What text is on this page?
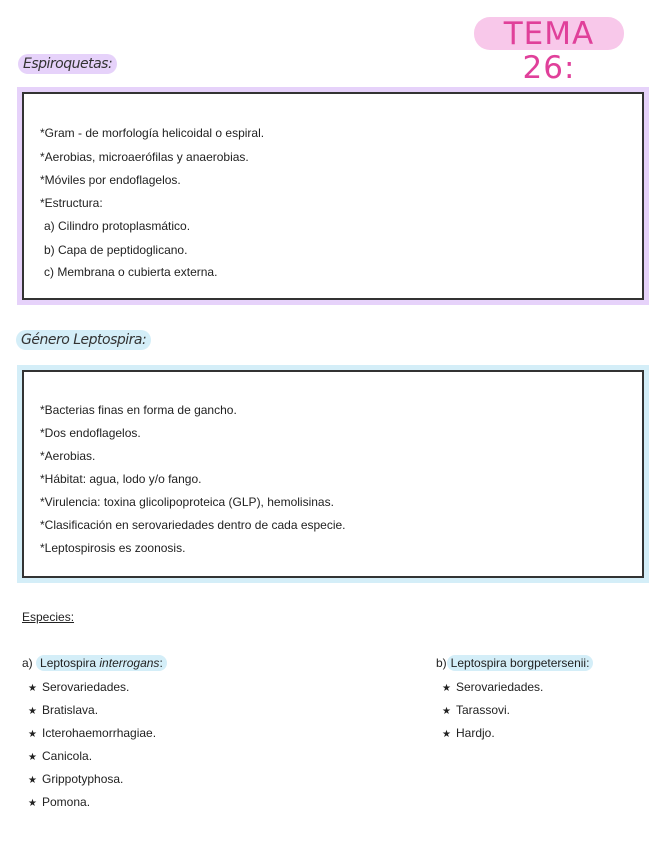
TEMA 26:
Espiroquetas:
*Gram - de morfología helicoidal o espiral.
*Aerobias, microaerófilas y anaerobias.
*Móviles por endoflagelos.
*Estructura:
a) Cilindro protoplasmático.
b) Capa de peptidoglicano.
c) Membrana o cubierta externa.
Género Leptospira:
*Bacterias finas en forma de gancho.
*Dos endoflagelos.
*Aerobias.
*Hábitat: agua, lodo y/o fango.
*Virulencia: toxina glicolipoproteica (GLP), hemolisinas.
*Clasificación en serovariedades dentro de cada especie.
*Leptospirosis es zoonosis.
Especies:
a) Leptospira interrogans:
★ Serovariedades.
★ Bratislava.
★ Icterohaemorrhagiae.
★ Canicola.
★ Grippotyphosa.
★ Pomona.
b) Leptospira borgpetersenii:
★ Serovariedades.
★ Tarassovi.
★ Hardjo.
